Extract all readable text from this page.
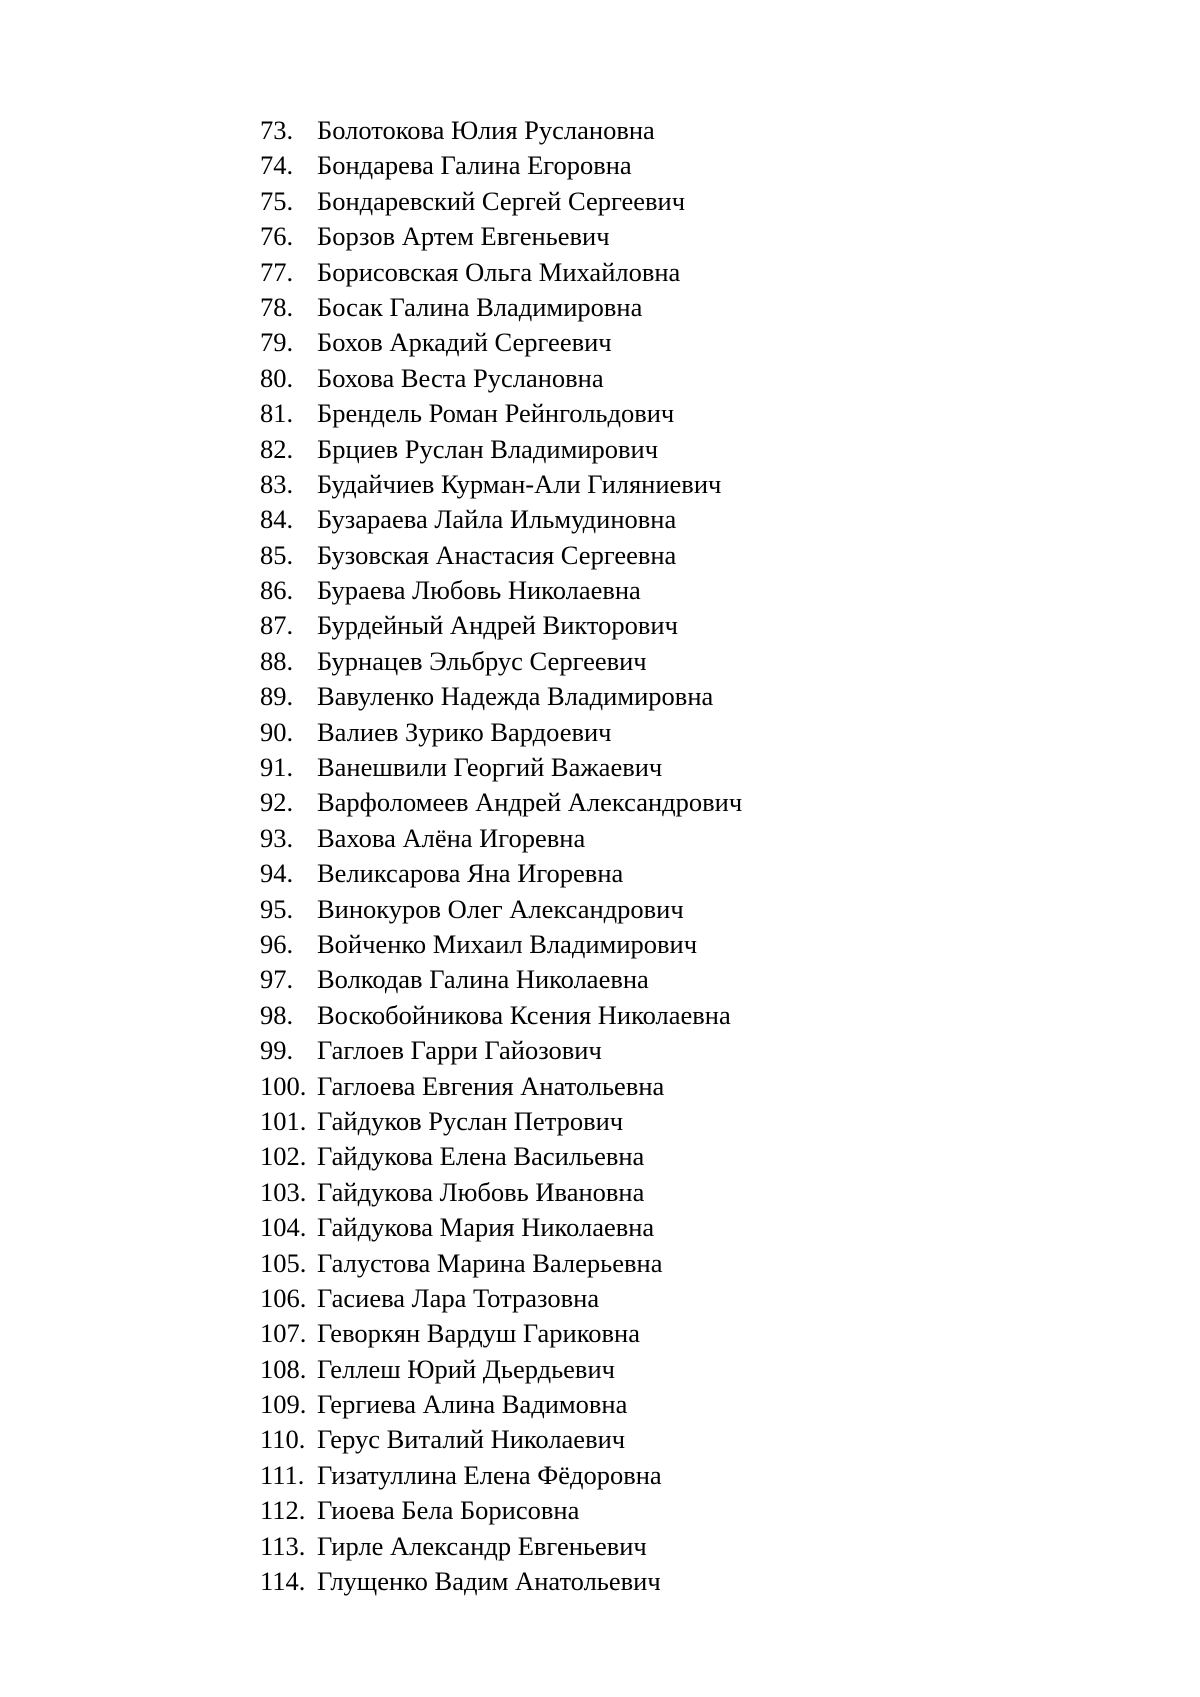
73. Болотокова Юлия Руслановна
74. Бондарева Галина Егоровна
75. Бондаревский Сергей Сергеевич
76. Борзов Артем Евгеньевич
77. Борисовская Ольга Михайловна
78. Босак Галина Владимировна
79. Бохов Аркадий Сергеевич
80. Бохова Веста Руслановна
81. Брендель Роман Рейнгольдович
82. Брциев Руслан Владимирович
83. Будайчиев Курман-Али Гиляниевич
84. Бузараева Лайла Ильмудиновна
85. Бузовская Анастасия Сергеевна
86. Бураева Любовь Николаевна
87. Бурдейный Андрей Викторович
88. Бурнацев Эльбрус Сергеевич
89. Вавуленко Надежда Владимировна
90. Валиев Зурико Вардоевич
91. Ванешвили Георгий Важаевич
92. Варфоломеев Андрей Александрович
93. Вахова Алёна Игоревна
94. Великсарова Яна Игоревна
95. Винокуров Олег Александрович
96. Войченко Михаил Владимирович
97. Волкодав Галина Николаевна
98. Воскобойникова Ксения Николаевна
99. Гаглоев Гарри Гайозович
100. Гаглоева Евгения Анатольевна
101. Гайдуков Руслан Петрович
102. Гайдукова Елена Васильевна
103. Гайдукова Любовь Ивановна
104. Гайдукова Мария Николаевна
105. Галустова Марина Валерьевна
106. Гасиева Лара Тотразовна
107. Геворкян Вардуш Гариковна
108. Геллеш Юрий Дьердьевич
109. Гергиева Алина Вадимовна
110. Герус Виталий Николаевич
111. Гизатуллина Елена Фёдоровна
112. Гиоева Бела Борисовна
113. Гирле Александр Евгеньевич
114. Глущенко Вадим Анатольевич
